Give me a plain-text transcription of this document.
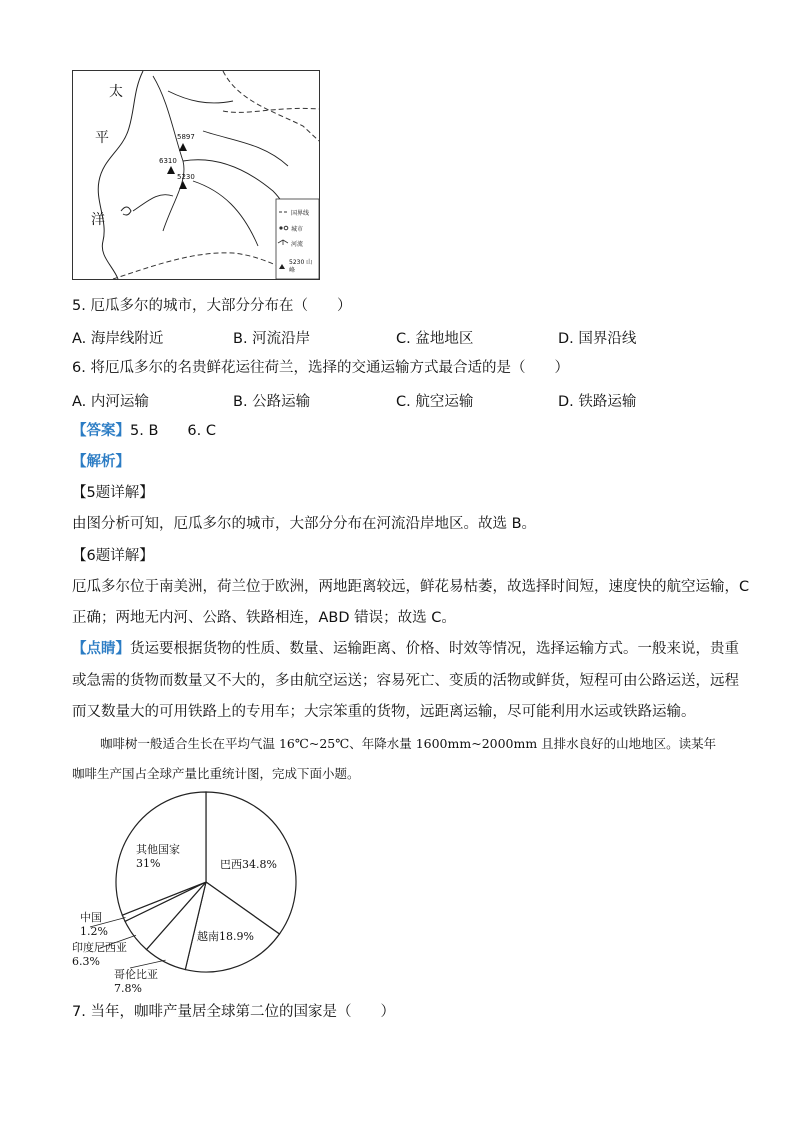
太
平
洋
5897
6310
5230
国界线
城市
河流
5230 山峰
5. 厄瓜多尔的城市，大部分分布在（　　）
A. 海岸线附近	B. 河流沿岸	C. 盆地地区	D. 国界沿线
6. 将厄瓜多尔的名贵鲜花运往荷兰，选择的交通运输方式最合适的是（　　）
A. 内河运输	B. 公路运输	C. 航空运输	D. 铁路运输
【答案】5. B　　6. C
【解析】
【5题详解】
由图分析可知，厄瓜多尔的城市，大部分分布在河流沿岸地区。故选 B。
【6题详解】
厄瓜多尔位于南美洲，荷兰位于欧洲，两地距离较远，鲜花易枯萎，故选择时间短，速度快的航空运输，C
正确；两地无内河、公路、铁路相连，ABD 错误；故选 C。
【点睛】货运要根据货物的性质、数量、运输距离、价格、时效等情况，选择运输方式。一般来说，贵重
或急需的货物而数量又不大的，多由航空运送；容易死亡、变质的活物或鲜货，短程可由公路运送，远程
而又数量大的可用铁路上的专用车；大宗笨重的货物，远距离运输，尽可能利用水运或铁路运输。
咖啡树一般适合生长在平均气温 16℃~25℃、年降水量 1600mm~2000mm 且排水良好的山地地区。读某年
咖啡生产国占全球产量比重统计图，完成下面小题。
其他国家
31%	巴西34.8%
越南18.9%
中国
1.2%
印度尼西亚
6.3%
哥伦比亚
7.8%
7. 当年，咖啡产量居全球第二位的国家是（　　）
